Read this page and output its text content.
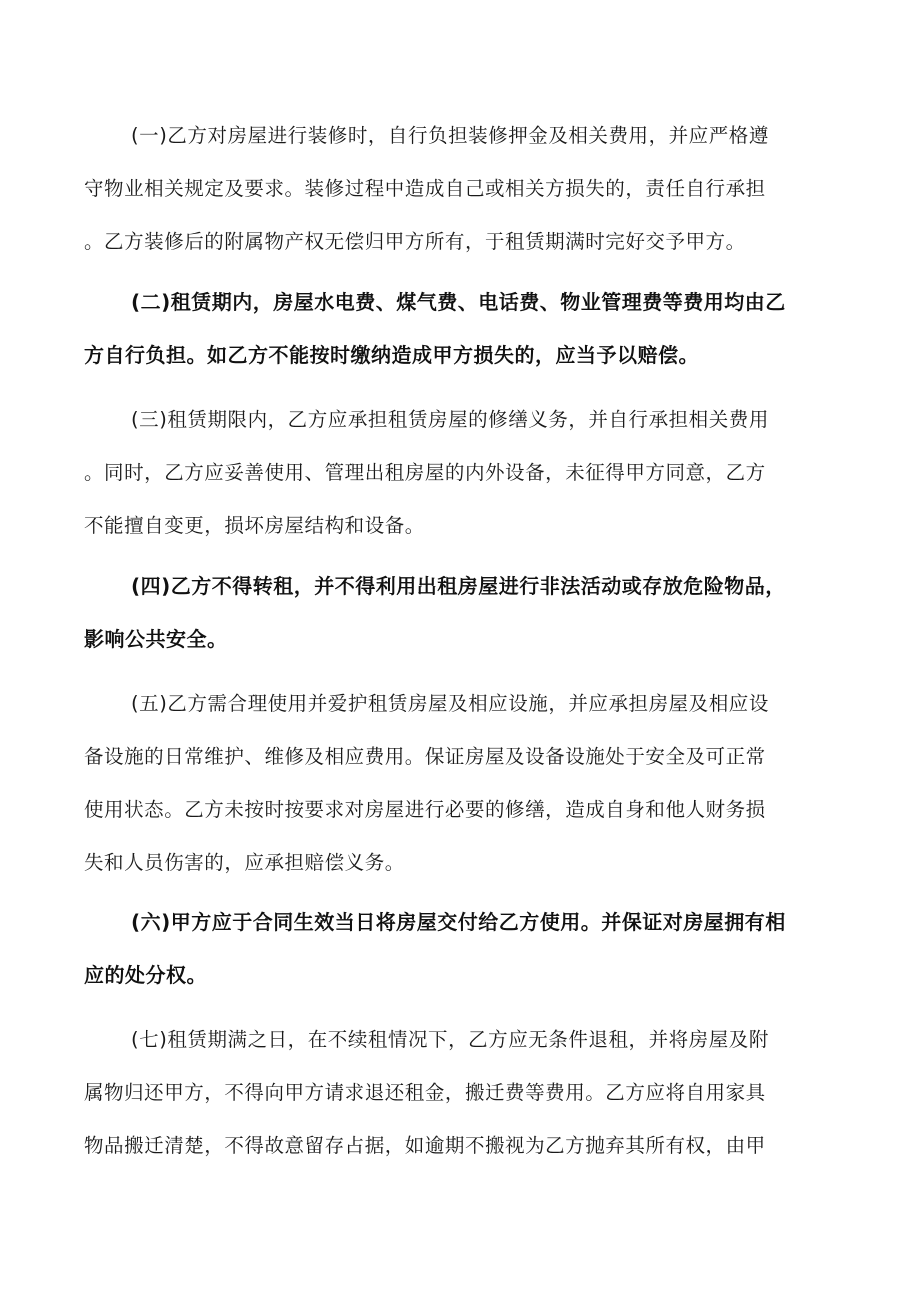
(一)乙方对房屋进行装修时，自行负担装修押金及相关费用，并应严格遵
守物业相关规定及要求。装修过程中造成自己或相关方损失的，责任自行承担
。乙方装修后的附属物产权无偿归甲方所有，于租赁期满时完好交予甲方。
(二)租赁期内，房屋水电费、煤气费、电话费、物业管理费等费用均由乙
方自行负担。如乙方不能按时缴纳造成甲方损失的，应当予以赔偿。
(三)租赁期限内，乙方应承担租赁房屋的修缮义务，并自行承担相关费用
。同时，乙方应妥善使用、管理出租房屋的内外设备，未征得甲方同意，乙方
不能擅自变更，损坏房屋结构和设备。
(四)乙方不得转租，并不得利用出租房屋进行非法活动或存放危险物品，
影响公共安全。
(五)乙方需合理使用并爱护租赁房屋及相应设施，并应承担房屋及相应设
备设施的日常维护、维修及相应费用。保证房屋及设备设施处于安全及可正常
使用状态。乙方未按时按要求对房屋进行必要的修缮，造成自身和他人财务损
失和人员伤害的，应承担赔偿义务。
(六)甲方应于合同生效当日将房屋交付给乙方使用。并保证对房屋拥有相
应的处分权。
(七)租赁期满之日，在不续租情况下，乙方应无条件退租，并将房屋及附
属物归还甲方，不得向甲方请求退还租金，搬迁费等费用。乙方应将自用家具
物品搬迁清楚，不得故意留存占据，如逾期不搬视为乙方抛弃其所有权，由甲
